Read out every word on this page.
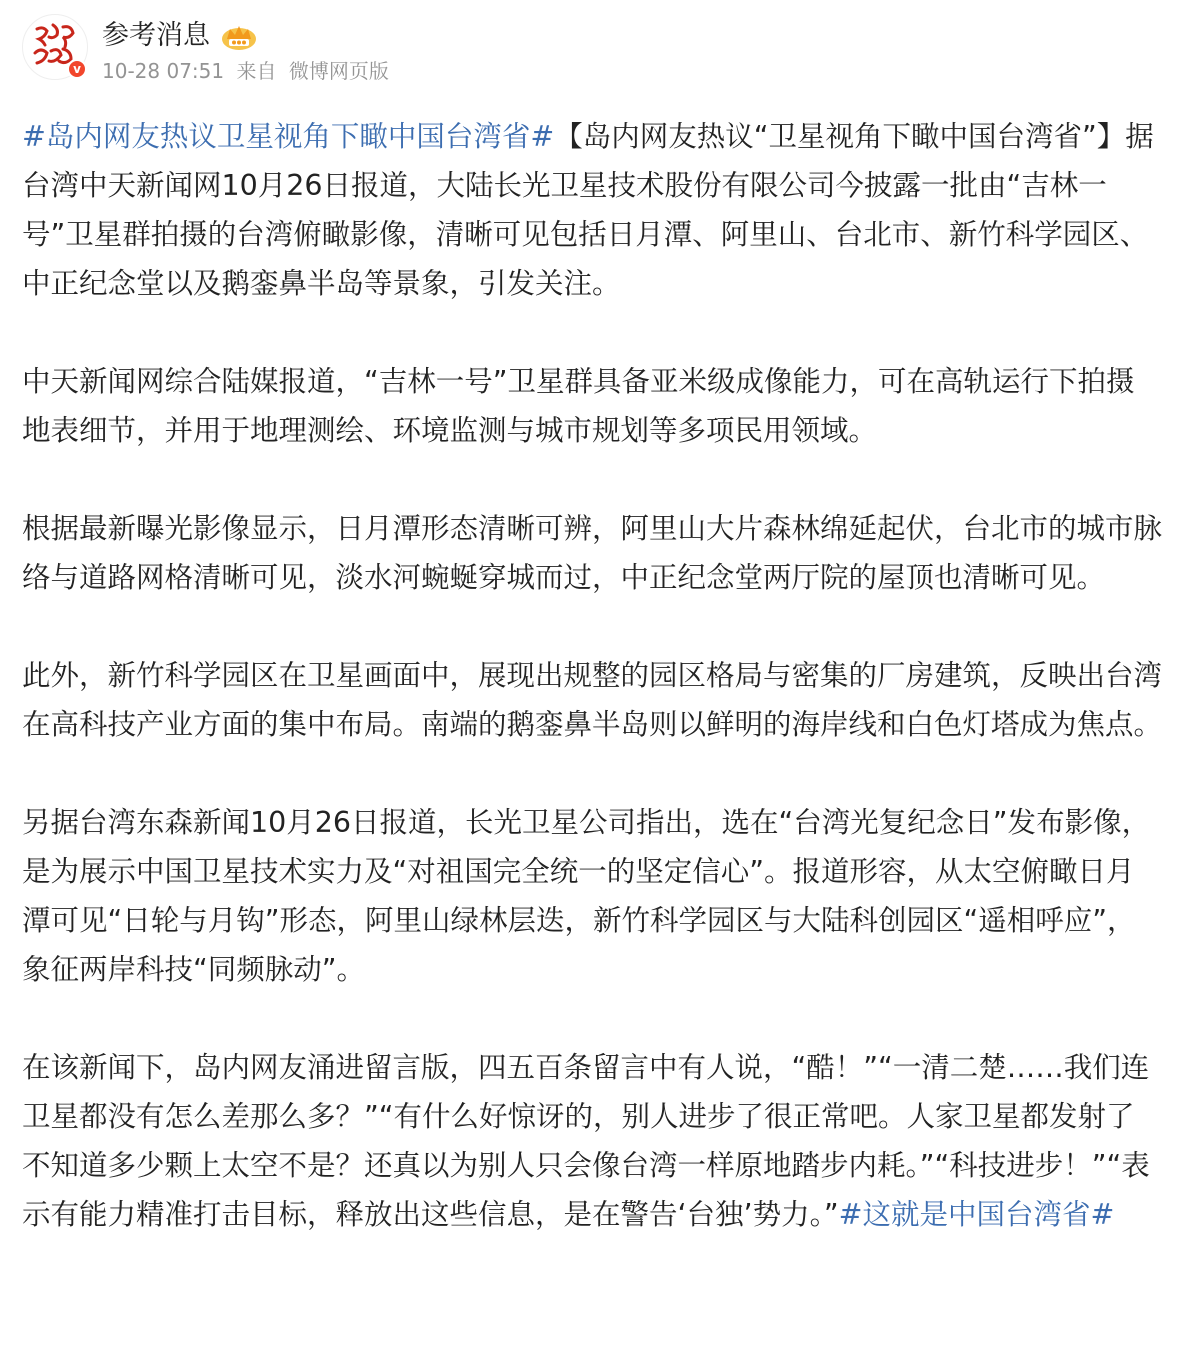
v
参考消息
10-28 07:51 来自 微博网页版

#岛内网友热议卫星视角下瞰中国台湾省#【岛内网友热议“卫星视角下瞰中国台湾省”】据台湾中天新闻网10月26日报道，大陆长光卫星技术股份有限公司今披露一批由“吉林一号”卫星群拍摄的台湾俯瞰影像，清晰可见包括日月潭、阿里山、台北市、新竹科学园区、中正纪念堂以及鹅銮鼻半岛等景象，引发关注。

中天新闻网综合陆媒报道，“吉林一号”卫星群具备亚米级成像能力，可在高轨运行下拍摄地表细节，并用于地理测绘、环境监测与城市规划等多项民用领域。

根据最新曝光影像显示，日月潭形态清晰可辨，阿里山大片森林绵延起伏，台北市的城市脉络与道路网格清晰可见，淡水河蜿蜒穿城而过，中正纪念堂两厅院的屋顶也清晰可见。

此外，新竹科学园区在卫星画面中，展现出规整的园区格局与密集的厂房建筑，反映出台湾在高科技产业方面的集中布局。南端的鹅銮鼻半岛则以鲜明的海岸线和白色灯塔成为焦点。

另据台湾东森新闻10月26日报道，长光卫星公司指出，选在“台湾光复纪念日”发布影像，是为展示中国卫星技术实力及“对祖国完全统一的坚定信心”。报道形容，从太空俯瞰日月潭可见“日轮与月钩”形态，阿里山绿林层迭，新竹科学园区与大陆科创园区“遥相呼应”，象征两岸科技“同频脉动”。

在该新闻下，岛内网友涌进留言版，四五百条留言中有人说，“酷！”“一清二楚……我们连卫星都没有怎么差那么多？”“有什么好惊讶的，别人进步了很正常吧。人家卫星都发射了不知道多少颗上太空不是？还真以为别人只会像台湾一样原地踏步内耗。”“科技进步！”“表示有能力精准打击目标，释放出这些信息，是在警告‘台独’势力。”#这就是中国台湾省#
